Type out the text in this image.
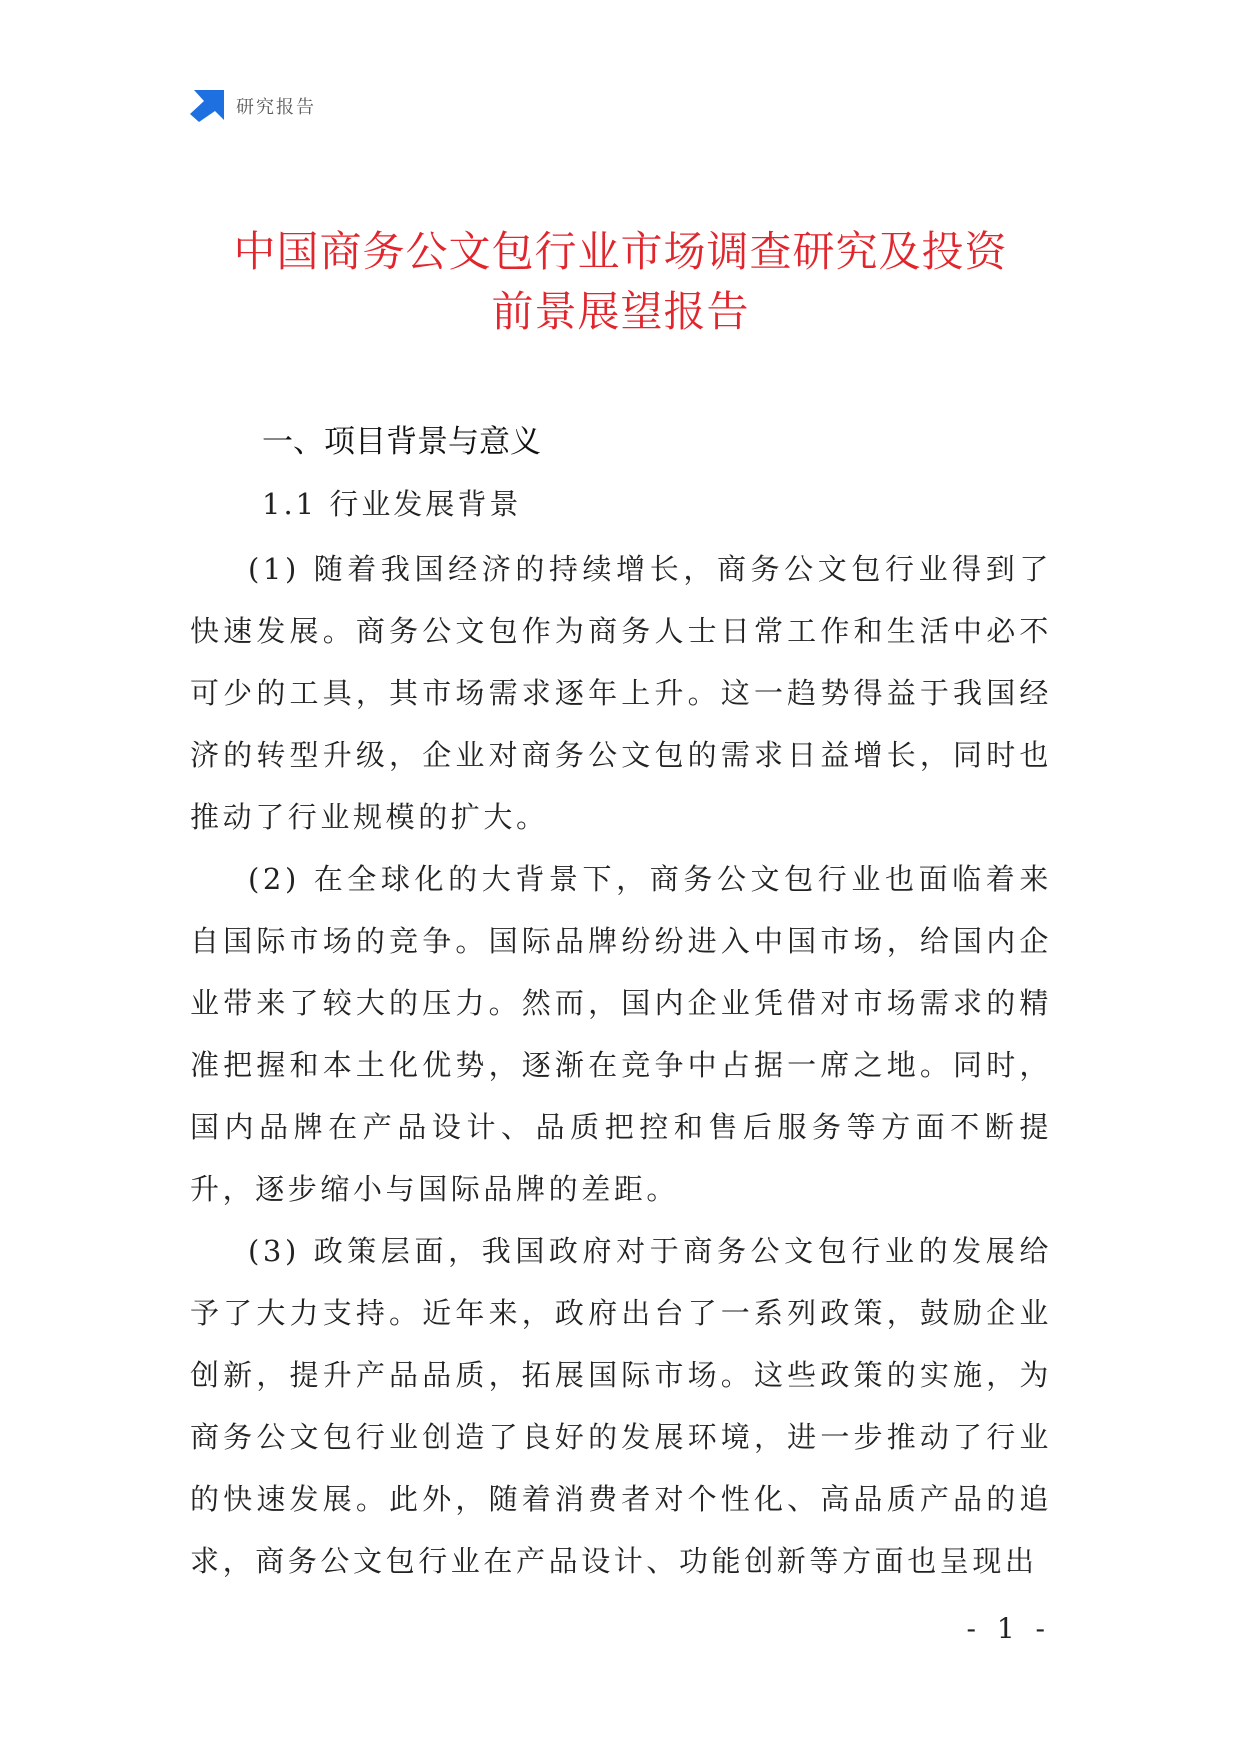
研究报告
中国商务公文包行业市场调查研究及投资
前景展望报告
一、项目背景与意义
1.1 行业发展背景

(1) 随着我国经济的持续增长，商务公文包行业得到了快速发展。商务公文包作为商务人士日常工作和生活中必不可少的工具，其市场需求逐年上升。这一趋势得益于我国经济的转型升级，企业对商务公文包的需求日益增长，同时也推动了行业规模的扩大。

(2) 在全球化的大背景下，商务公文包行业也面临着来自国际市场的竞争。国际品牌纷纷进入中国市场，给国内企业带来了较大的压力。然而，国内企业凭借对市场需求的精准把握和本土化优势，逐渐在竞争中占据一席之地。同时，国内品牌在产品设计、品质把控和售后服务等方面不断提升，逐步缩小与国际品牌的差距。

(3) 政策层面，我国政府对于商务公文包行业的发展给予了大力支持。近年来，政府出台了一系列政策，鼓励企业创新，提升产品品质，拓展国际市场。这些政策的实施，为商务公文包行业创造了良好的发展环境，进一步推动了行业的快速发展。此外，随着消费者对个性化、高品质产品的追求，商务公文包行业在产品设计、功能创新等方面也呈现出

- 1 -
